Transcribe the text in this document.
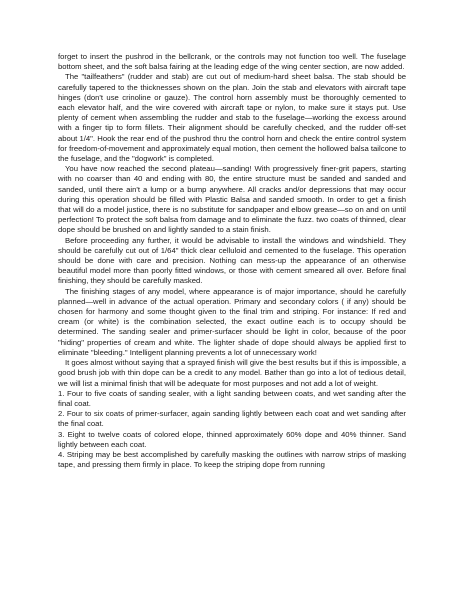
forget to insert the pushrod in the bellcrank, or the controls may not function too well. The fuselage bottom sheet, and the soft balsa fairing at the leading edge of the wing center section, are now added.

The "tailfeathers" (rudder and stab) are cut out of medium-hard sheet balsa. The stab should be carefully tapered to the thicknesses shown on the plan. Join the stab and elevators with aircraft tape hinges (don't use crinoline or gauze). The control horn assembly must be thoroughly cemented to each elevator half, and the wire covered with aircraft tape or nylon, to make sure it stays put. Use plenty of cement when assembling the rudder and stab to the fuselage—working the excess around with a finger tip to form fillets. Their alignment should be carefully checked, and the rudder off-set about 1/4". Hook the rear end of the pushrod thru the control horn and check the entire control system for freedom-of-movement and approximately equal motion, then cement the hollowed balsa tailcone to the fuselage, and the "dogwork" is completed.

You have now reached the second plateau—sanding! With progressively finer-grit papers, starting with no coarser than 40 and ending with 80, the entire structure must be sanded and sanded and sanded, until there ain't a lump or a bump anywhere. All cracks and/or depressions that may occur during this operation should be filled with Plastic Balsa and sanded smooth. In order to get a finish that will do a model justice, there is no substitute for sandpaper and elbow grease—so on and on until perfection! To protect the soft balsa from damage and to eliminate the fuzz. two coats of thinned, clear dope should be brushed on and lightly sanded to a stain finish.

Before proceeding any further, it would be advisable to install the windows and windshield. They should be carefully cut out of 1/64" thick clear celluloid and cemented to the fuselage. This operation should be done with care and precision. Nothing can mess-up the appearance of an otherwise beautiful model more than poorly fitted windows, or those with cement smeared all over. Before final finishing, they should be carefully masked.

The finishing stages of any model, where appearance is of major importance, should he carefully planned—well in advance of the actual operation. Primary and secondary colors ( if any) should be chosen for harmony and some thought given to the final trim and striping. For instance: If red and cream (or white) is the combination selected, the exact outline each is to occupy should be determined. The sanding sealer and primer-surfacer should be light in color, because of the poor "hiding" properties of cream and white. The lighter shade of dope should always be applied first to eliminate "bleeding." Intelligent planning prevents a lot of unnecessary work!

It goes almost without saying that a sprayed finish will give the best results but if this is impossible, a good brush job with thin dope can be a credit to any model. Bather than go into a lot of tedious detail, we will list a minimal finish that will be adequate for most purposes and not add a lot of weight.

1. Four to five coats of sanding sealer, with a light sanding between coats, and wet sanding after the final coat.

2. Four to six coats of primer-surfacer, again sanding lightly between each coat and wet sanding after the final coat.

3. Eight to twelve coats of colored elope, thinned approximately 60% dope and 40% thinner. Sand lightly between each coat.

4. Striping may be best accomplished by carefully masking the outlines with narrow strips of masking tape, and pressing them firmly in place. To keep the striping dope from running
